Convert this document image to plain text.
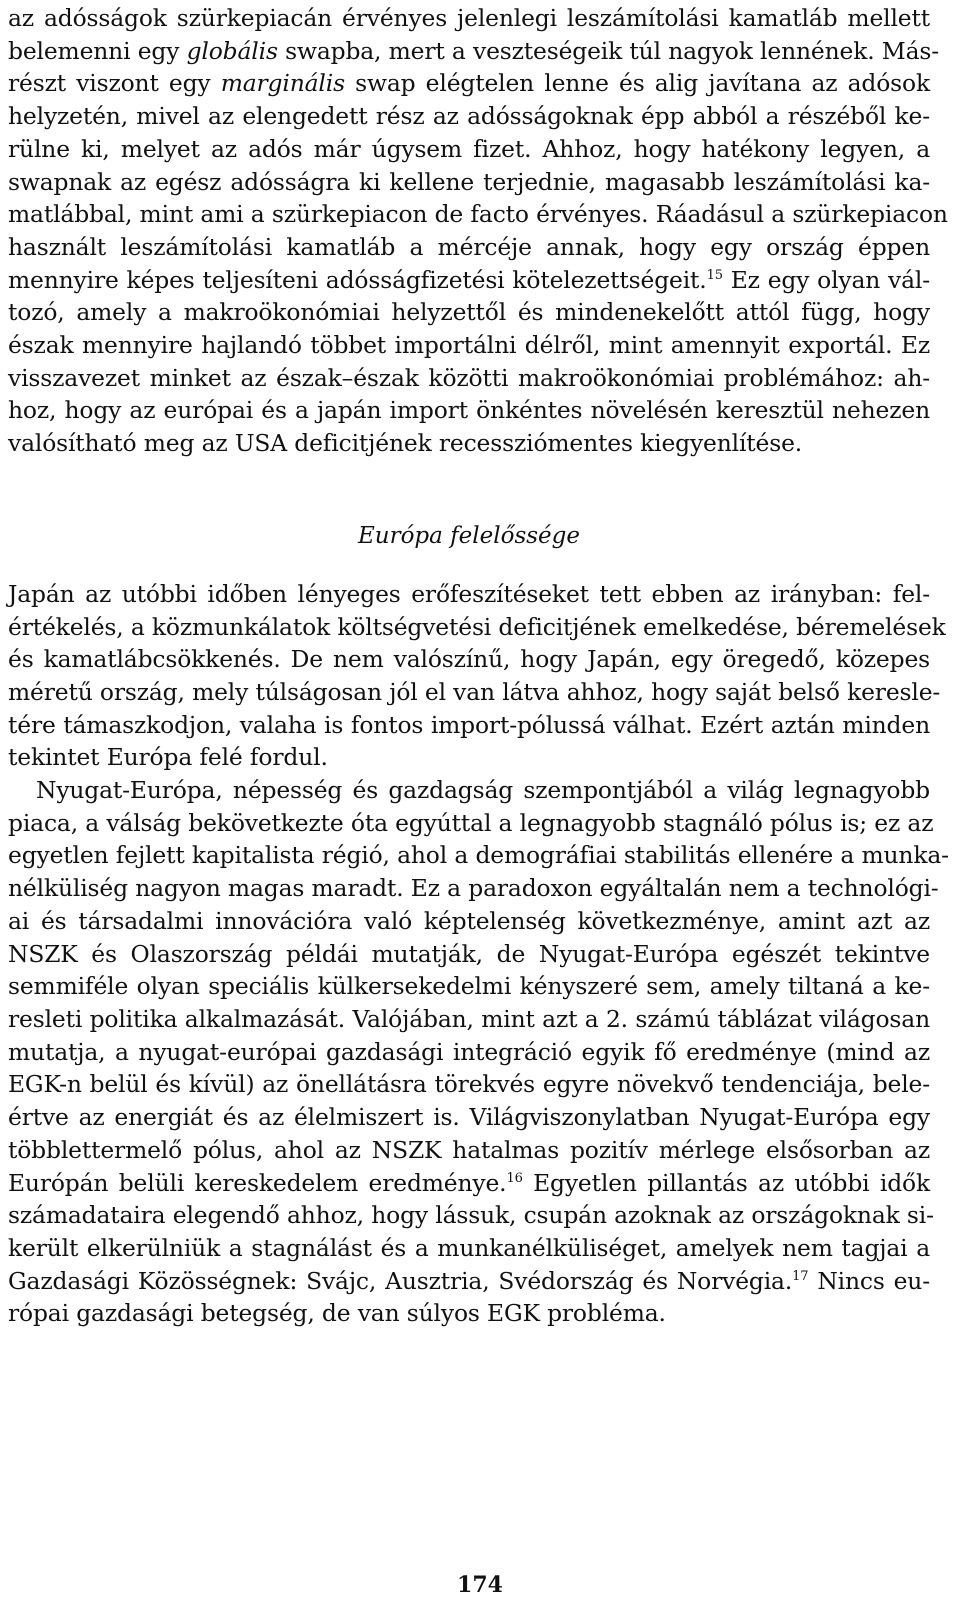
az adósságok szürkepiacán érvényes jelenlegi leszámítolási kamatláb mellett
belemenni egy globális swapba, mert a veszteségeik túl nagyok lennének. Más-
részt viszont egy marginális swap elégtelen lenne és alig javítana az adósok
helyzetén, mivel az elengedett rész az adósságoknak épp abból a részéből ke-
rülne ki, melyet az adós már úgysem fizet. Ahhoz, hogy hatékony legyen, a
swapnak az egész adósságra ki kellene terjednie, magasabb leszámítolási ka-
matlábbal, mint ami a szürkepiacon de facto érvényes. Ráadásul a szürkepiacon
használt leszámítolási kamatláb a mércéje annak, hogy egy ország éppen
mennyire képes teljesíteni adósságfizetési kötelezettségeit.$^{15}$ Ez egy olyan vál-
tozó, amely a makroökonómiai helyzettől és mindenekelőtt attól függ, hogy
észak mennyire hajlandó többet importálni délről, mint amennyit exportál. Ez
visszavezet minket az észak–észak közötti makroökonómiai problémához: ah-
hoz, hogy az európai és a japán import önkéntes növelésén keresztül nehezen
valósítható meg az USA deficitjének recessziómentes kiegyenlítése.

Európa felelőssége

Japán az utóbbi időben lényeges erőfeszítéseket tett ebben az irányban: fel-
értékelés, a közmunkálatok költségvetési deficitjének emelkedése, béremelések
és kamatlábcsökkenés. De nem valószínű, hogy Japán, egy öregedő, közepes
méretű ország, mely túlságosan jól el van látva ahhoz, hogy saját belső kereslе-
tére támaszkodjon, valaha is fontos import-pólussá válhat. Ezért aztán minden
tekintet Európa felé fordul.

Nyugat-Európa, népesség és gazdagság szempontjából a világ legnagyobb
piaca, a válság bekövetkezte óta egyúttal a legnagyobb stagnáló pólus is; ez az
egyetlen fejlett kapitalista régió, ahol a demográfiai stabilitás ellenére a munka-
nélküliség nagyon magas maradt. Ez a paradoxon egyáltalán nem a technológi-
ai és társadalmi innovációra való képtelenség következménye, amint azt az
NSZK és Olaszország példái mutatják, de Nyugat-Európa egészét tekintve
semmiféle olyan speciális külkersekedelmi kényszeré sem, amely tiltaná a ke-
resleti politika alkalmazását. Valójában, mint azt a 2. számú táblázat világosan
mutatja, a nyugat-európai gazdasági integráció egyik fő eredménye (mind az
EGK-n belül és kívül) az önellátásra törekvés egyre növekvő tendenciája, bele-
értve az energiát és az élelmiszert is. Világviszonylatban Nyugat-Európa egy
többlettermelő pólus, ahol az NSZK hatalmas pozitív mérlege elsősorban az
Európán belüli kereskedelem eredménye.$^{16}$ Egyetlen pillantás az utóbbi idők
számadataira elegendő ahhoz, hogy lássuk, csupán azoknak az országoknak si-
került elkerülniük a stagnálást és a munkanélküliséget, amelyek nem tagjai a
Gazdasági Közösségnek: Svájc, Ausztria, Svédország és Norvégia.$^{17}$ Nincs eu-
rópai gazdasági betegség, de van súlyos EGK probléma.

174
